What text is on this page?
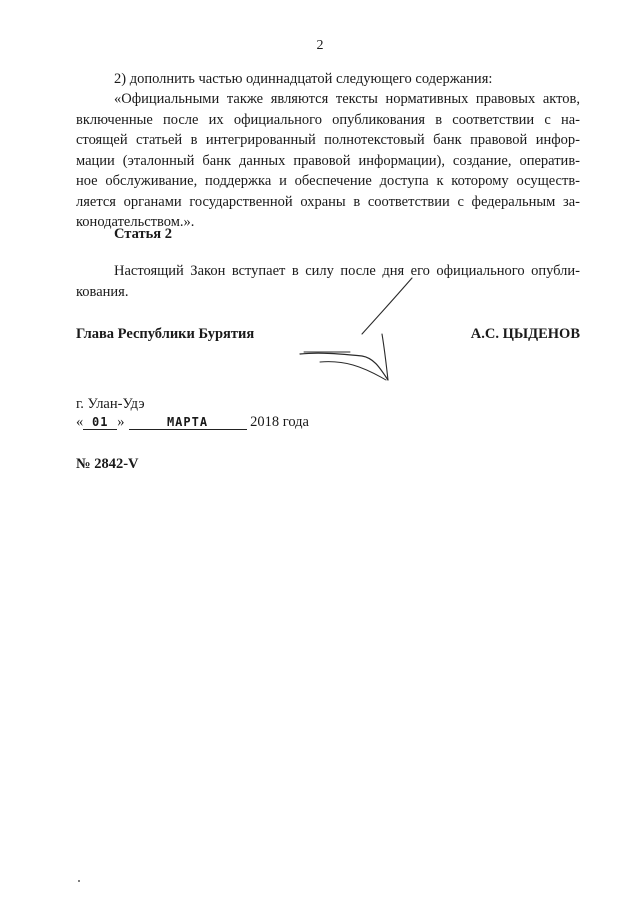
2
2) дополнить частью одиннадцатой следующего содержания:
«Официальными также являются тексты нормативных правовых актов,
включенные после их официального опубликования в соответствии с на-
стоящей статьей в интегрированный полнотекстовый банк правовой инфор-
мации (эталонный банк данных правовой информации), создание, оператив-
ное обслуживание, поддержка и обеспечение доступа к которому осуществ-
ляется органами государственной охраны в соответствии с федеральным за-
конодательством.».
Статья 2
Настоящий Закон вступает в силу после дня его официального опубли-
кования.
Глава Республики Бурятия	А.С. ЦЫДЕНОВ
г. Улан-Удэ
« 01 »	МАРТА	2018 года
№ 2842-V
